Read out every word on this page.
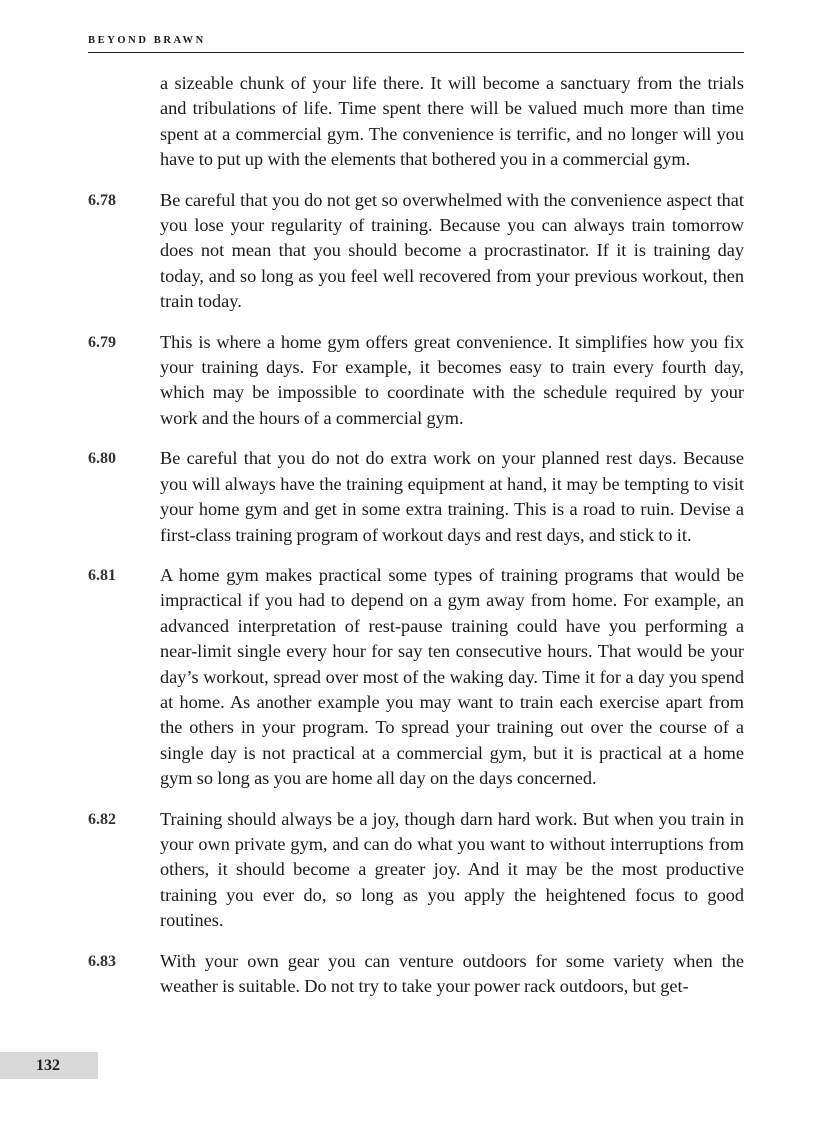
BEYOND BRAWN
a sizeable chunk of your life there. It will become a sanctuary from the trials and tribulations of life. Time spent there will be valued much more than time spent at a commercial gym. The convenience is terrific, and no longer will you have to put up with the elements that bothered you in a commercial gym.
6.78	Be careful that you do not get so overwhelmed with the convenience aspect that you lose your regularity of training. Because you can always train tomorrow does not mean that you should become a procrastinator. If it is training day today, and so long as you feel well recovered from your previous workout, then train today.
6.79	This is where a home gym offers great convenience. It simplifies how you fix your training days. For example, it becomes easy to train every fourth day, which may be impossible to coordinate with the schedule required by your work and the hours of a commercial gym.
6.80	Be careful that you do not do extra work on your planned rest days. Because you will always have the training equipment at hand, it may be tempting to visit your home gym and get in some extra training. This is a road to ruin. Devise a first-class training program of workout days and rest days, and stick to it.
6.81	A home gym makes practical some types of training programs that would be impractical if you had to depend on a gym away from home. For example, an advanced interpretation of rest-pause training could have you performing a near-limit single every hour for say ten consecutive hours. That would be your day’s workout, spread over most of the waking day. Time it for a day you spend at home. As another example you may want to train each exercise apart from the others in your program. To spread your training out over the course of a single day is not practical at a commercial gym, but it is practical at a home gym so long as you are home all day on the days concerned.
6.82	Training should always be a joy, though darn hard work. But when you train in your own private gym, and can do what you want to without interruptions from others, it should become a greater joy. And it may be the most productive training you ever do, so long as you apply the heightened focus to good routines.
6.83	With your own gear you can venture outdoors for some variety when the weather is suitable. Do not try to take your power rack outdoors, but get-
132
